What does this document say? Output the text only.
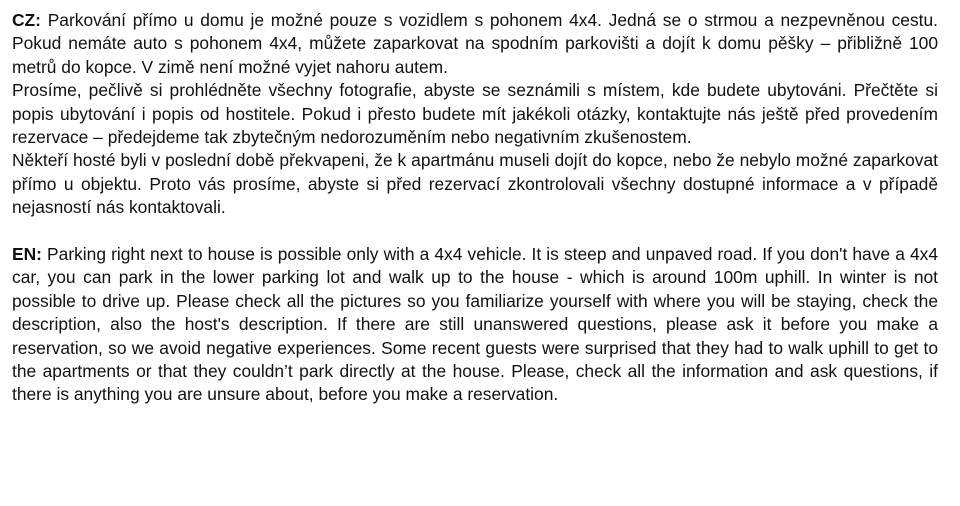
CZ: Parkování přímo u domu je možné pouze s vozidlem s pohonem 4x4. Jedná se o strmou a nezpevněnou cestu. Pokud nemáte auto s pohonem 4x4, můžete zaparkovat na spodním parkovišti a dojít k domu pěšky – přibližně 100 metrů do kopce. V zimě není možné vyjet nahoru autem.

Prosíme, pečlivě si prohlédněte všechny fotografie, abyste se seznámili s místem, kde budete ubytováni. Přečtěte si popis ubytování i popis od hostitele. Pokud i přesto budete mít jakékoli otázky, kontaktujte nás ještě před provedením rezervace – předejdeme tak zbytečným nedorozuměním nebo negativním zkušenostem.

Někteří hosté byli v poslední době překvapeni, že k apartmánu museli dojít do kopce, nebo že nebylo možné zaparkovat přímo u objektu. Proto vás prosíme, abyste si před rezervací zkontrolovali všechny dostupné informace a v případě nejasností nás kontaktovali.

EN: Parking right next to house is possible only with a 4x4 vehicle. It is steep and unpaved road. If you don't have a 4x4 car, you can park in the lower parking lot and walk up to the house - which is around 100m uphill. In winter is not possible to drive up. Please check all the pictures so you familiarize yourself with where you will be staying, check the description, also the host's description. If there are still unanswered questions, please ask it before you make a reservation, so we avoid negative experiences. Some recent guests were surprised that they had to walk uphill to get to the apartments or that they couldn’t park directly at the house. Please, check all the information and ask questions, if there is anything you are unsure about, before you make a reservation.
